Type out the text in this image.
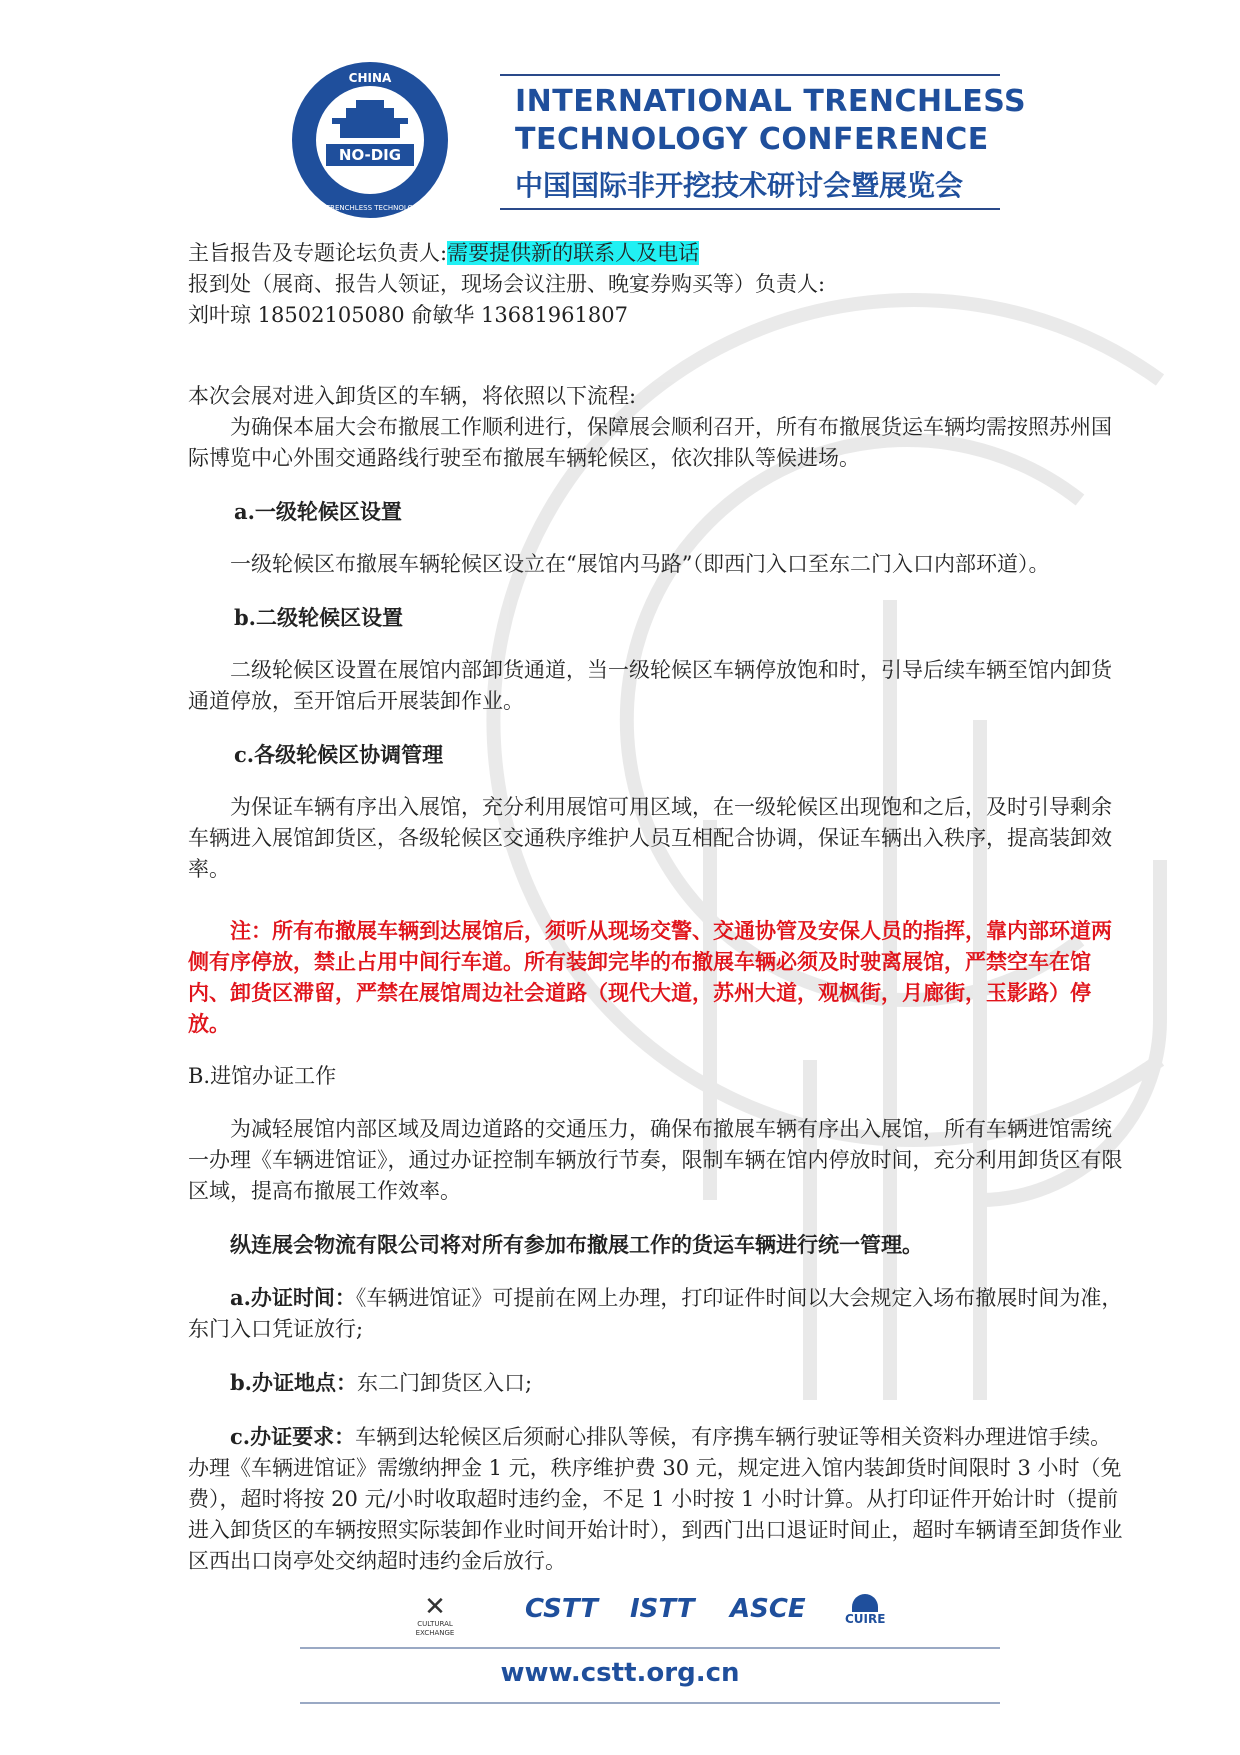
CHINA
NO-DIG
INTERNATIONAL TRENCHLESS TECHNOLOGY CONFERENCE
INTERNATIONAL TRENCHLESS
TECHNOLOGY CONFERENCE
中国国际非开挖技术研讨会暨展览会

主旨报告及专题论坛负责人:需要提供新的联系人及电话

报到处（展商、报告人领证，现场会议注册、晚宴券购买等）负责人:

刘叶琼 18502105080 俞敏华 13681961807

本次会展对进入卸货区的车辆，将依照以下流程:

为确保本届大会布撤展工作顺利进行，保障展会顺利召开，所有布撤展货运车辆均需按照苏州国际博览中心外围交通路线行驶至布撤展车辆轮候区，依次排队等候进场。

a.一级轮候区设置

一级轮候区布撤展车辆轮候区设立在“展馆内马路”（即西门入口至东二门入口内部环道）。

b.二级轮候区设置

二级轮候区设置在展馆内部卸货通道，当一级轮候区车辆停放饱和时，引导后续车辆至馆内卸货通道停放，至开馆后开展装卸作业。

c.各级轮候区协调管理

为保证车辆有序出入展馆，充分利用展馆可用区域，在一级轮候区出现饱和之后，及时引导剩余车辆进入展馆卸货区，各级轮候区交通秩序维护人员互相配合协调，保证车辆出入秩序，提高装卸效率。

注：所有布撤展车辆到达展馆后，须听从现场交警、交通协管及安保人员的指挥，靠内部环道两侧有序停放，禁止占用中间行车道。所有装卸完毕的布撤展车辆必须及时驶离展馆，严禁空车在馆内、卸货区滞留，严禁在展馆周边社会道路（现代大道，苏州大道，观枫街，月廊街，玉影路）停放。

B.进馆办证工作

为减轻展馆内部区域及周边道路的交通压力，确保布撤展车辆有序出入展馆，所有车辆进馆需统一办理《车辆进馆证》，通过办证控制车辆放行节奏，限制车辆在馆内停放时间，充分利用卸货区有限区域，提高布撤展工作效率。

纵连展会物流有限公司将对所有参加布撤展工作的货运车辆进行统一管理。

a.办证时间：《车辆进馆证》可提前在网上办理，打印证件时间以大会规定入场布撤展时间为准，东门入口凭证放行;

b.办证地点：东二门卸货区入口;

c.办证要求：车辆到达轮候区后须耐心排队等候，有序携车辆行驶证等相关资料办理进馆手续。办理《车辆进馆证》需缴纳押金 1 元，秩序维护费 30 元，规定进入馆内装卸货时间限时 3 小时（免费），超时将按 20 元/小时收取超时违约金，不足 1 小时按 1 小时计算。从打印证件开始计时（提前进入卸货区的车辆按照实际装卸作业时间开始计时），到西门出口退证时间止，超时车辆请至卸货作业区西出口岗亭处交纳超时违约金后放行。

✕
CULTURAL EXCHANGE
CSTT ISTT ASCE	CUIRE
www.cstt.org.cn
